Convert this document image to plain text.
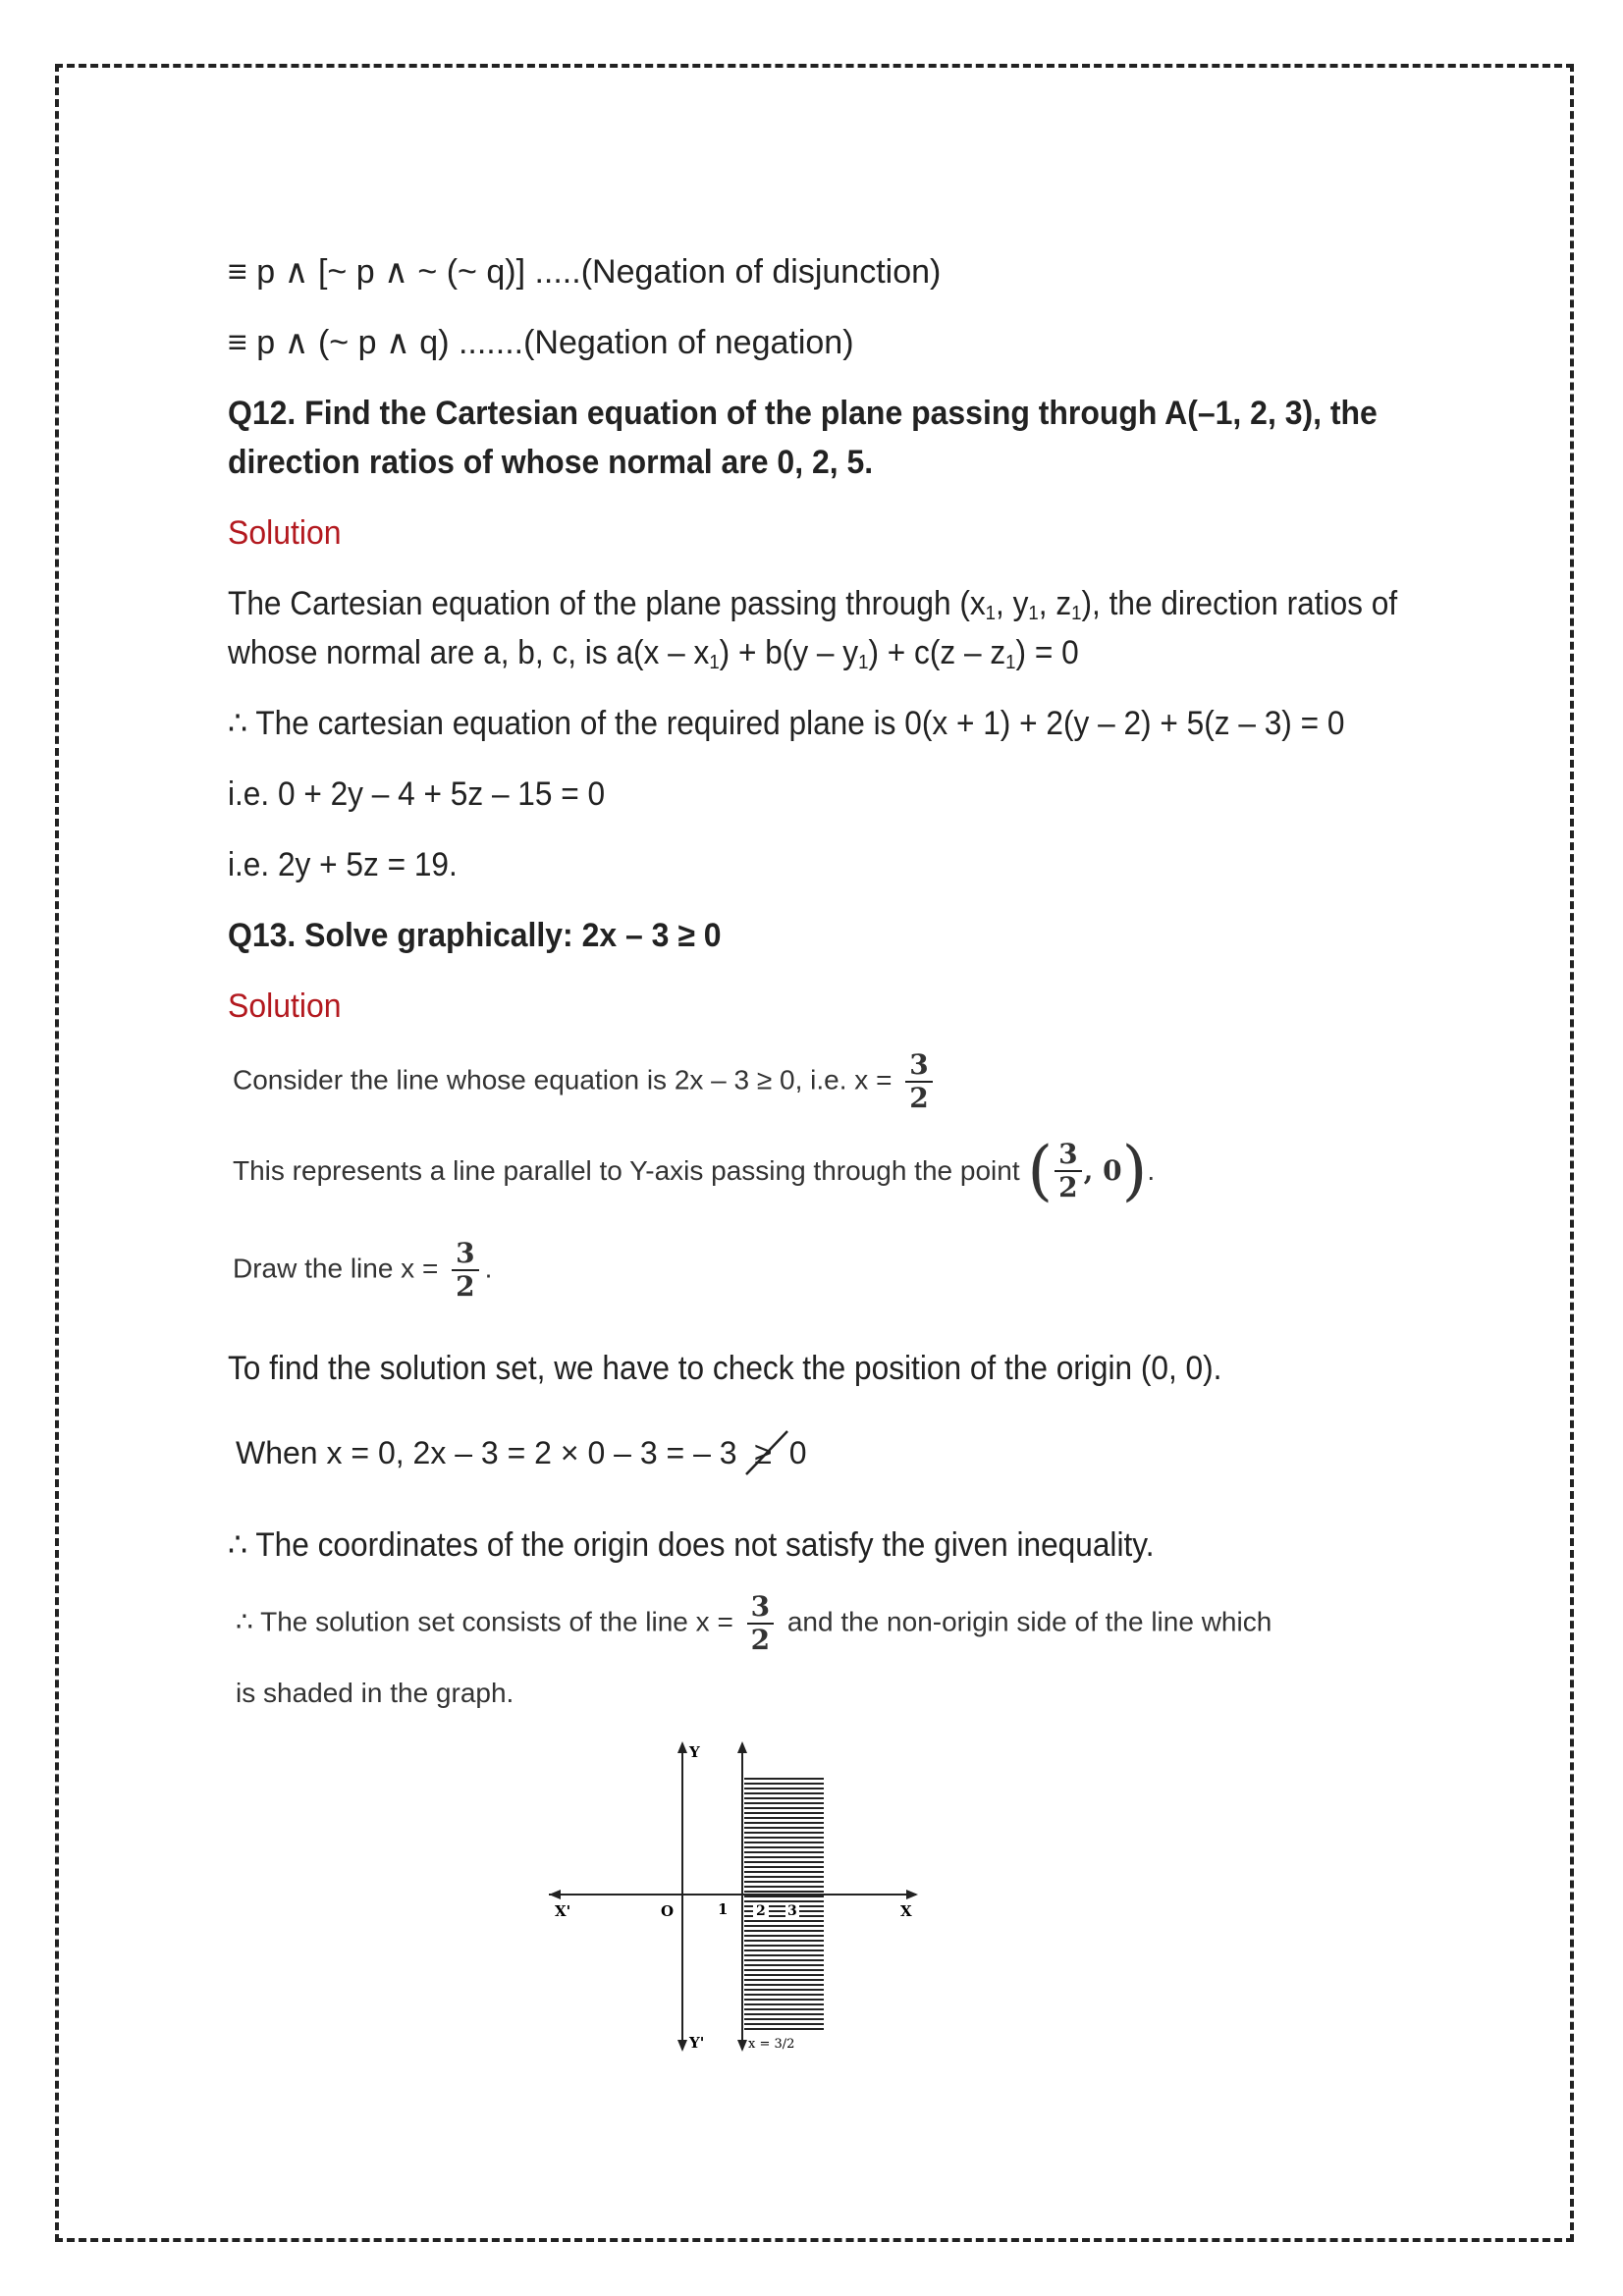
≡ p ∧ [~ p ∧ ~ (~ q)] .....(Negation of disjunction)
≡ p ∧ (~ p ∧ q) .......(Negation of negation)
Q12. Find the Cartesian equation of the plane passing through A(–1, 2, 3), the
direction ratios of whose normal are 0, 2, 5.
Solution
The Cartesian equation of the plane passing through ($x_1$, $y_1$, $z_1$), the direction ratios of
whose normal are a, b, c, is $a(x - x_1) + b(y - y_1) + c(z - z_1) = 0$
∴ The cartesian equation of the required plane is 0(x + 1) + 2(y – 2) + 5(z – 3) = 0
i.e. 0 + 2y – 4 + 5z – 15 = 0
i.e. 2y + 5z = 19.
Q13. Solve graphically: 2x – 3 ≥ 0
Solution
Consider the line whose equation is 2x – 3 ≥ 0, i.e. $x = \frac{3}{2}$
This represents a line parallel to Y-axis passing through the point ( $\frac{3}{2}$ , 0).
Draw the line $x = \frac{3}{2}$ .
To find the solution set, we have to check the position of the origin (0, 0).
When x = 0, 2x – 3 = 2 × 0 – 3 = – 3 ≥ 0
∴ The coordinates of the origin does not satisfy the given inequality.
∴ The solution set consists of the line $x = \frac{3}{2}$ and the non-origin side of the line which
is shaded in the graph.
Y
Y'
X
X'	O	1 2 3
x = 3/2
